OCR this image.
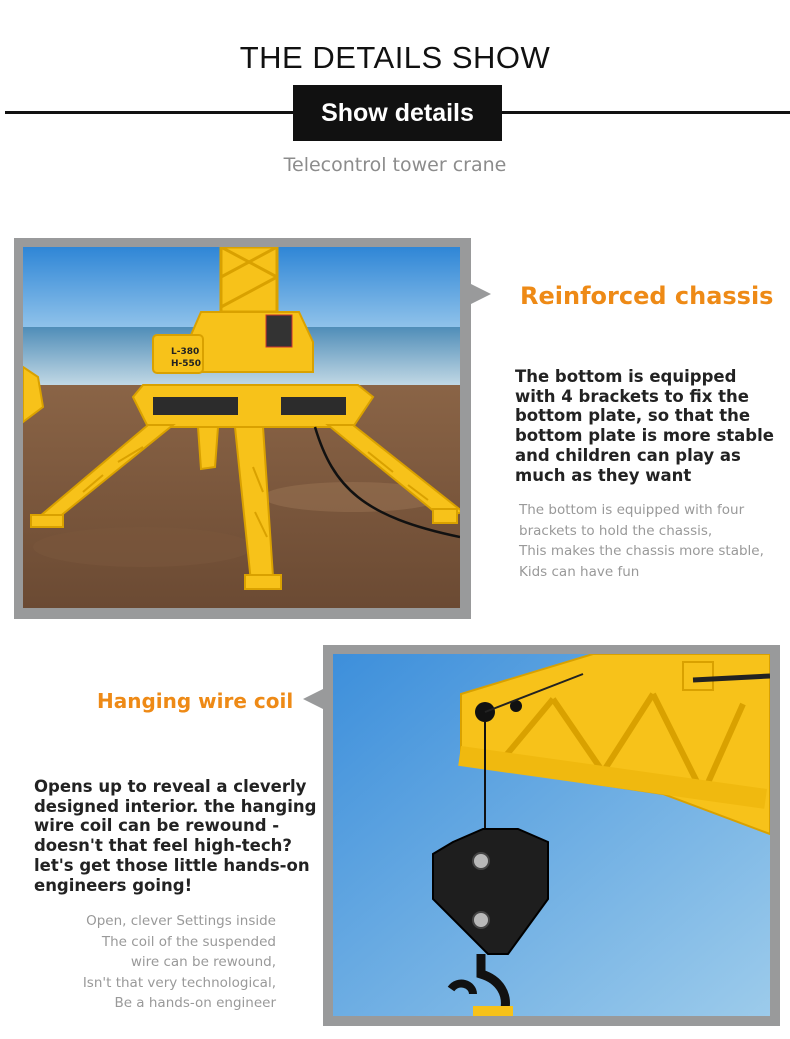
THE DETAILS SHOW
Show details
Telecontrol tower crane
L-380
H-550
Reinforced chassis
The bottom is equipped with 4 brackets to fix the bottom plate, so that the bottom plate is more stable and children can play as much as they want
The bottom is equipped with four
brackets to hold the chassis,
This makes the chassis more stable,
Kids can have fun
Hanging wire coil
Opens up to reveal a cleverly designed interior. the hanging wire coil can be rewound - doesn't that feel high-tech? let's get those little hands-on engineers going!
Open, clever Settings inside
The coil of the suspended
wire can be rewound,
Isn't that very technological,
Be a hands-on engineer
